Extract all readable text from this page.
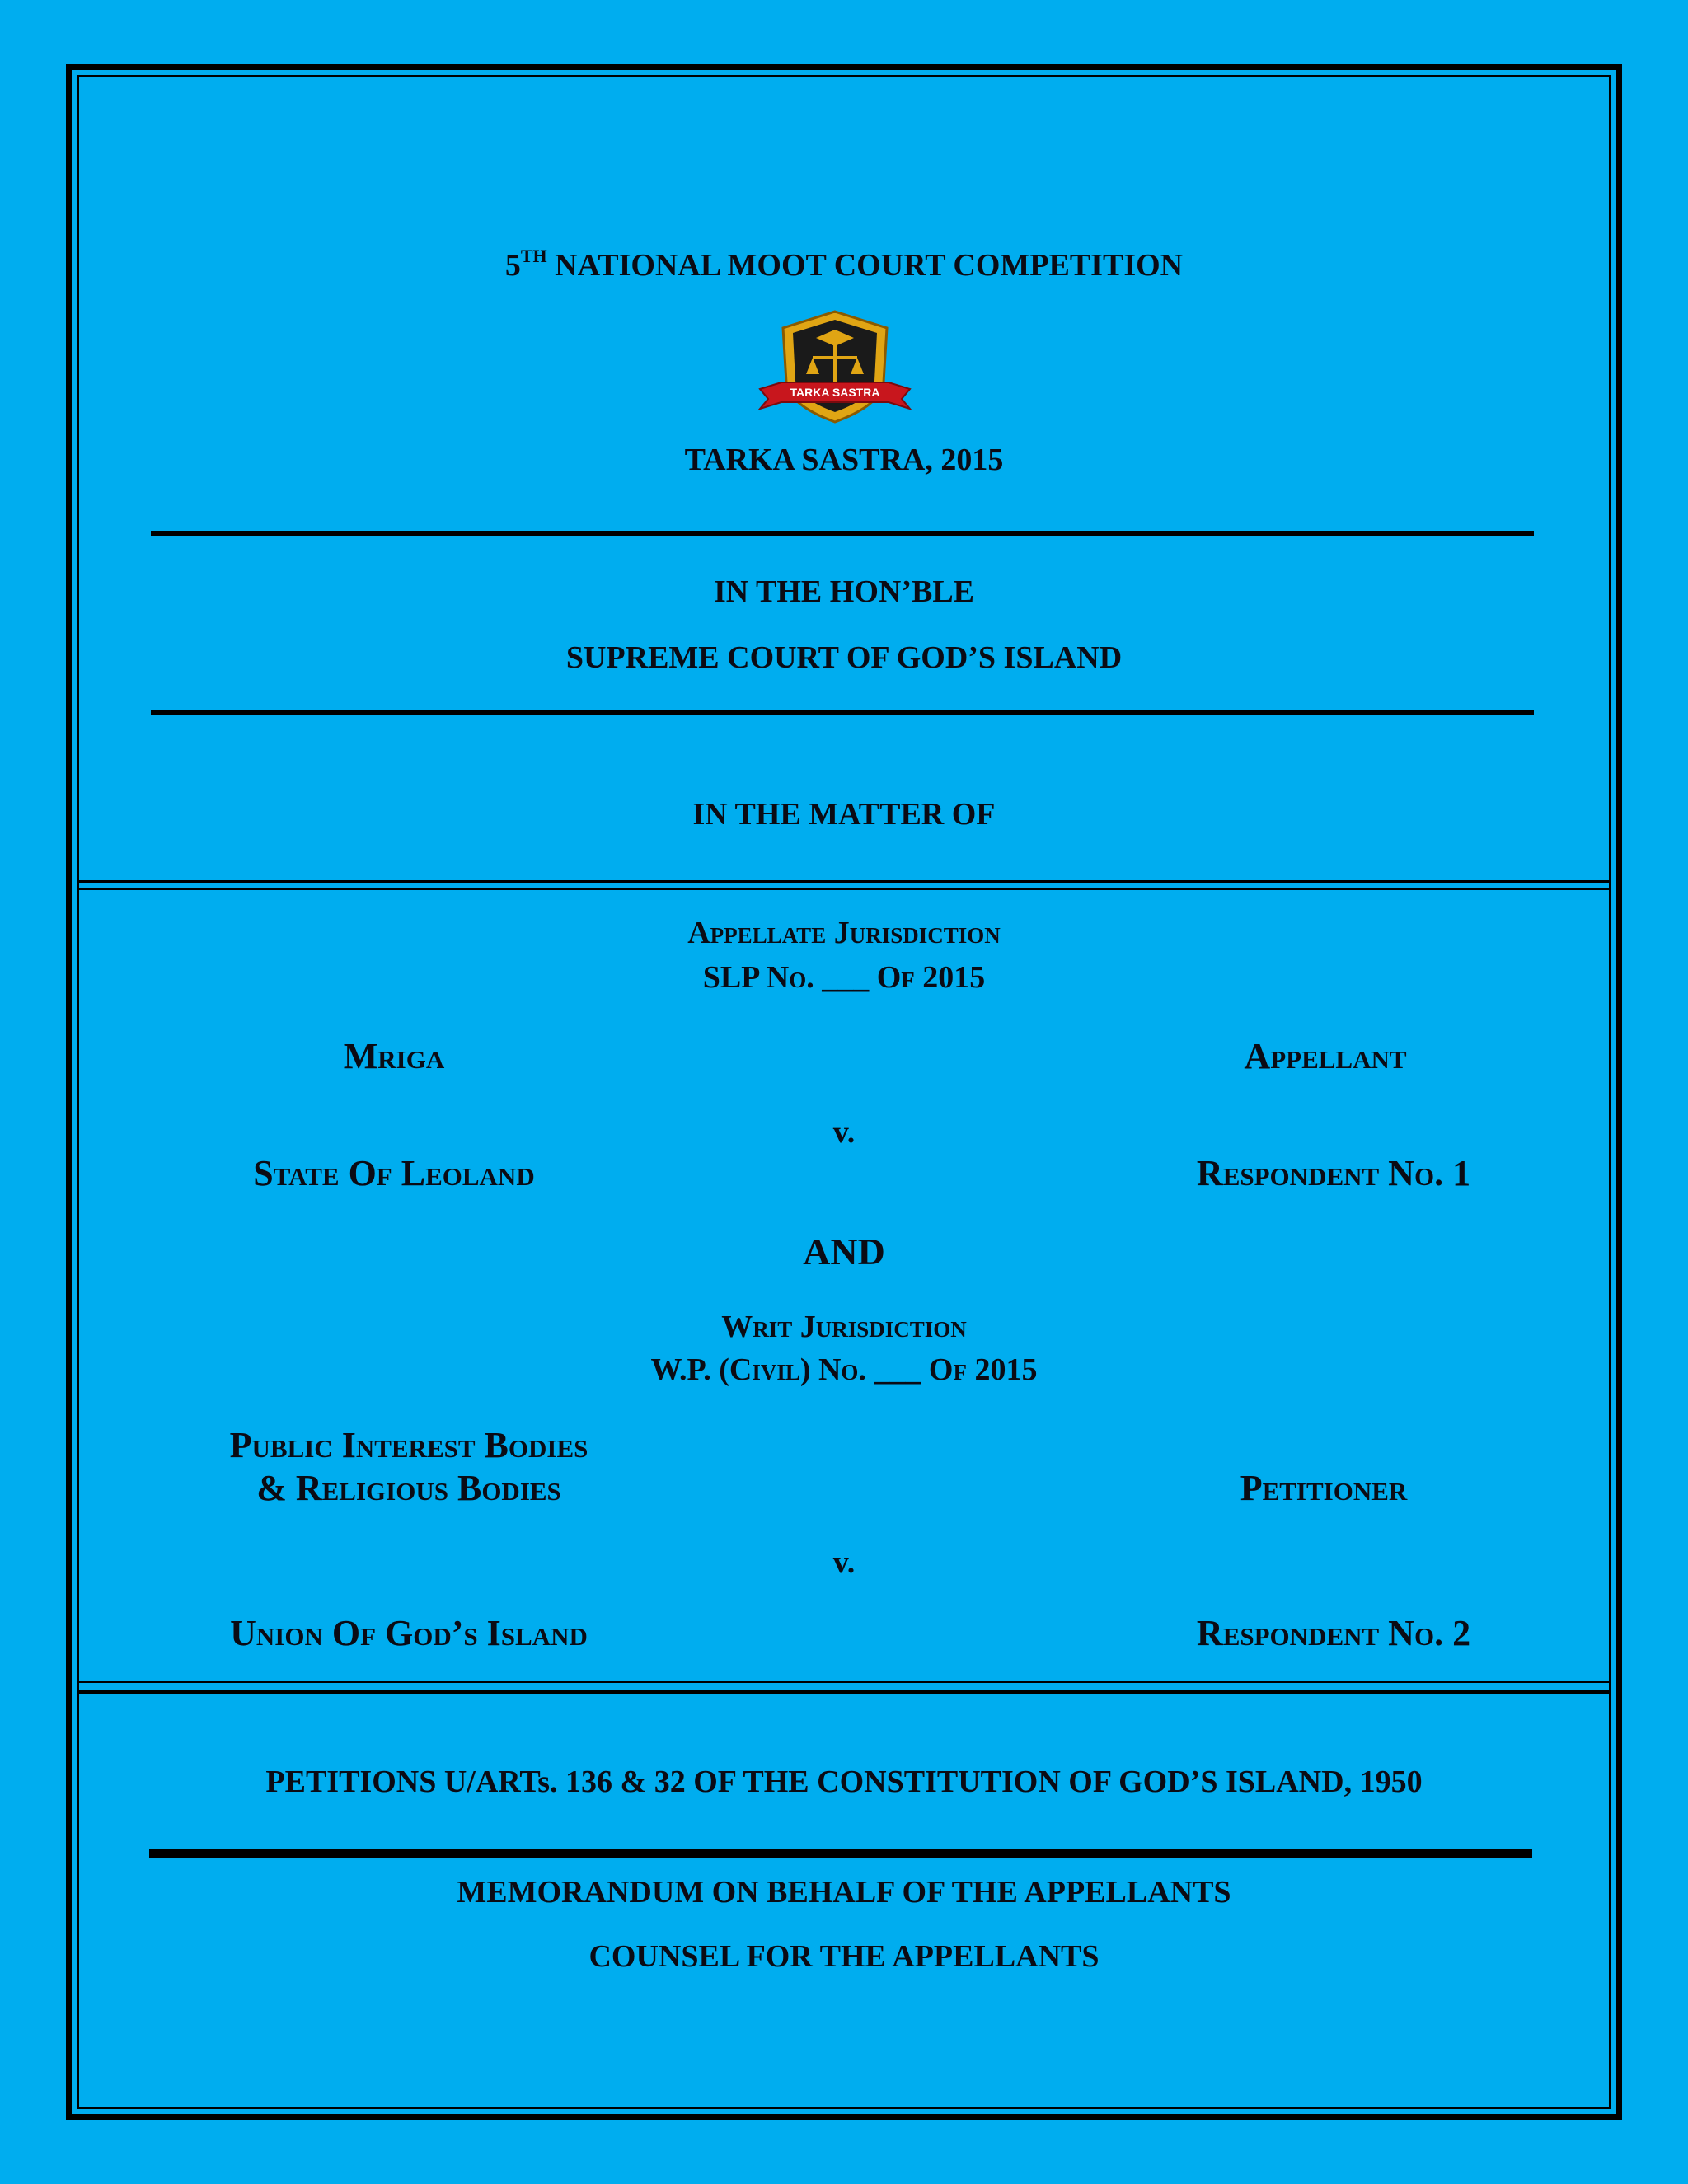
5TH NATIONAL MOOT COURT COMPETITION
TARKA SASTRA
TARKA SASTRA, 2015
IN THE HON’BLE
SUPREME COURT OF GOD’S ISLAND
IN THE MATTER OF
Appellate Jurisdiction
SLP No. ___ Of 2015
Mriga	Appellant
v.
State Of Leoland	Respondent No. 1
AND
Writ Jurisdiction
W.P. (Civil) No. ___ Of 2015
Public Interest Bodies
& Religious Bodies	Petitioner
v.
Union Of God’s Island	Respondent No. 2
PETITIONS U/ARTs. 136 & 32 OF THE CONSTITUTION OF GOD’S ISLAND, 1950
MEMORANDUM ON BEHALF OF THE APPELLANTS
COUNSEL FOR THE APPELLANTS
